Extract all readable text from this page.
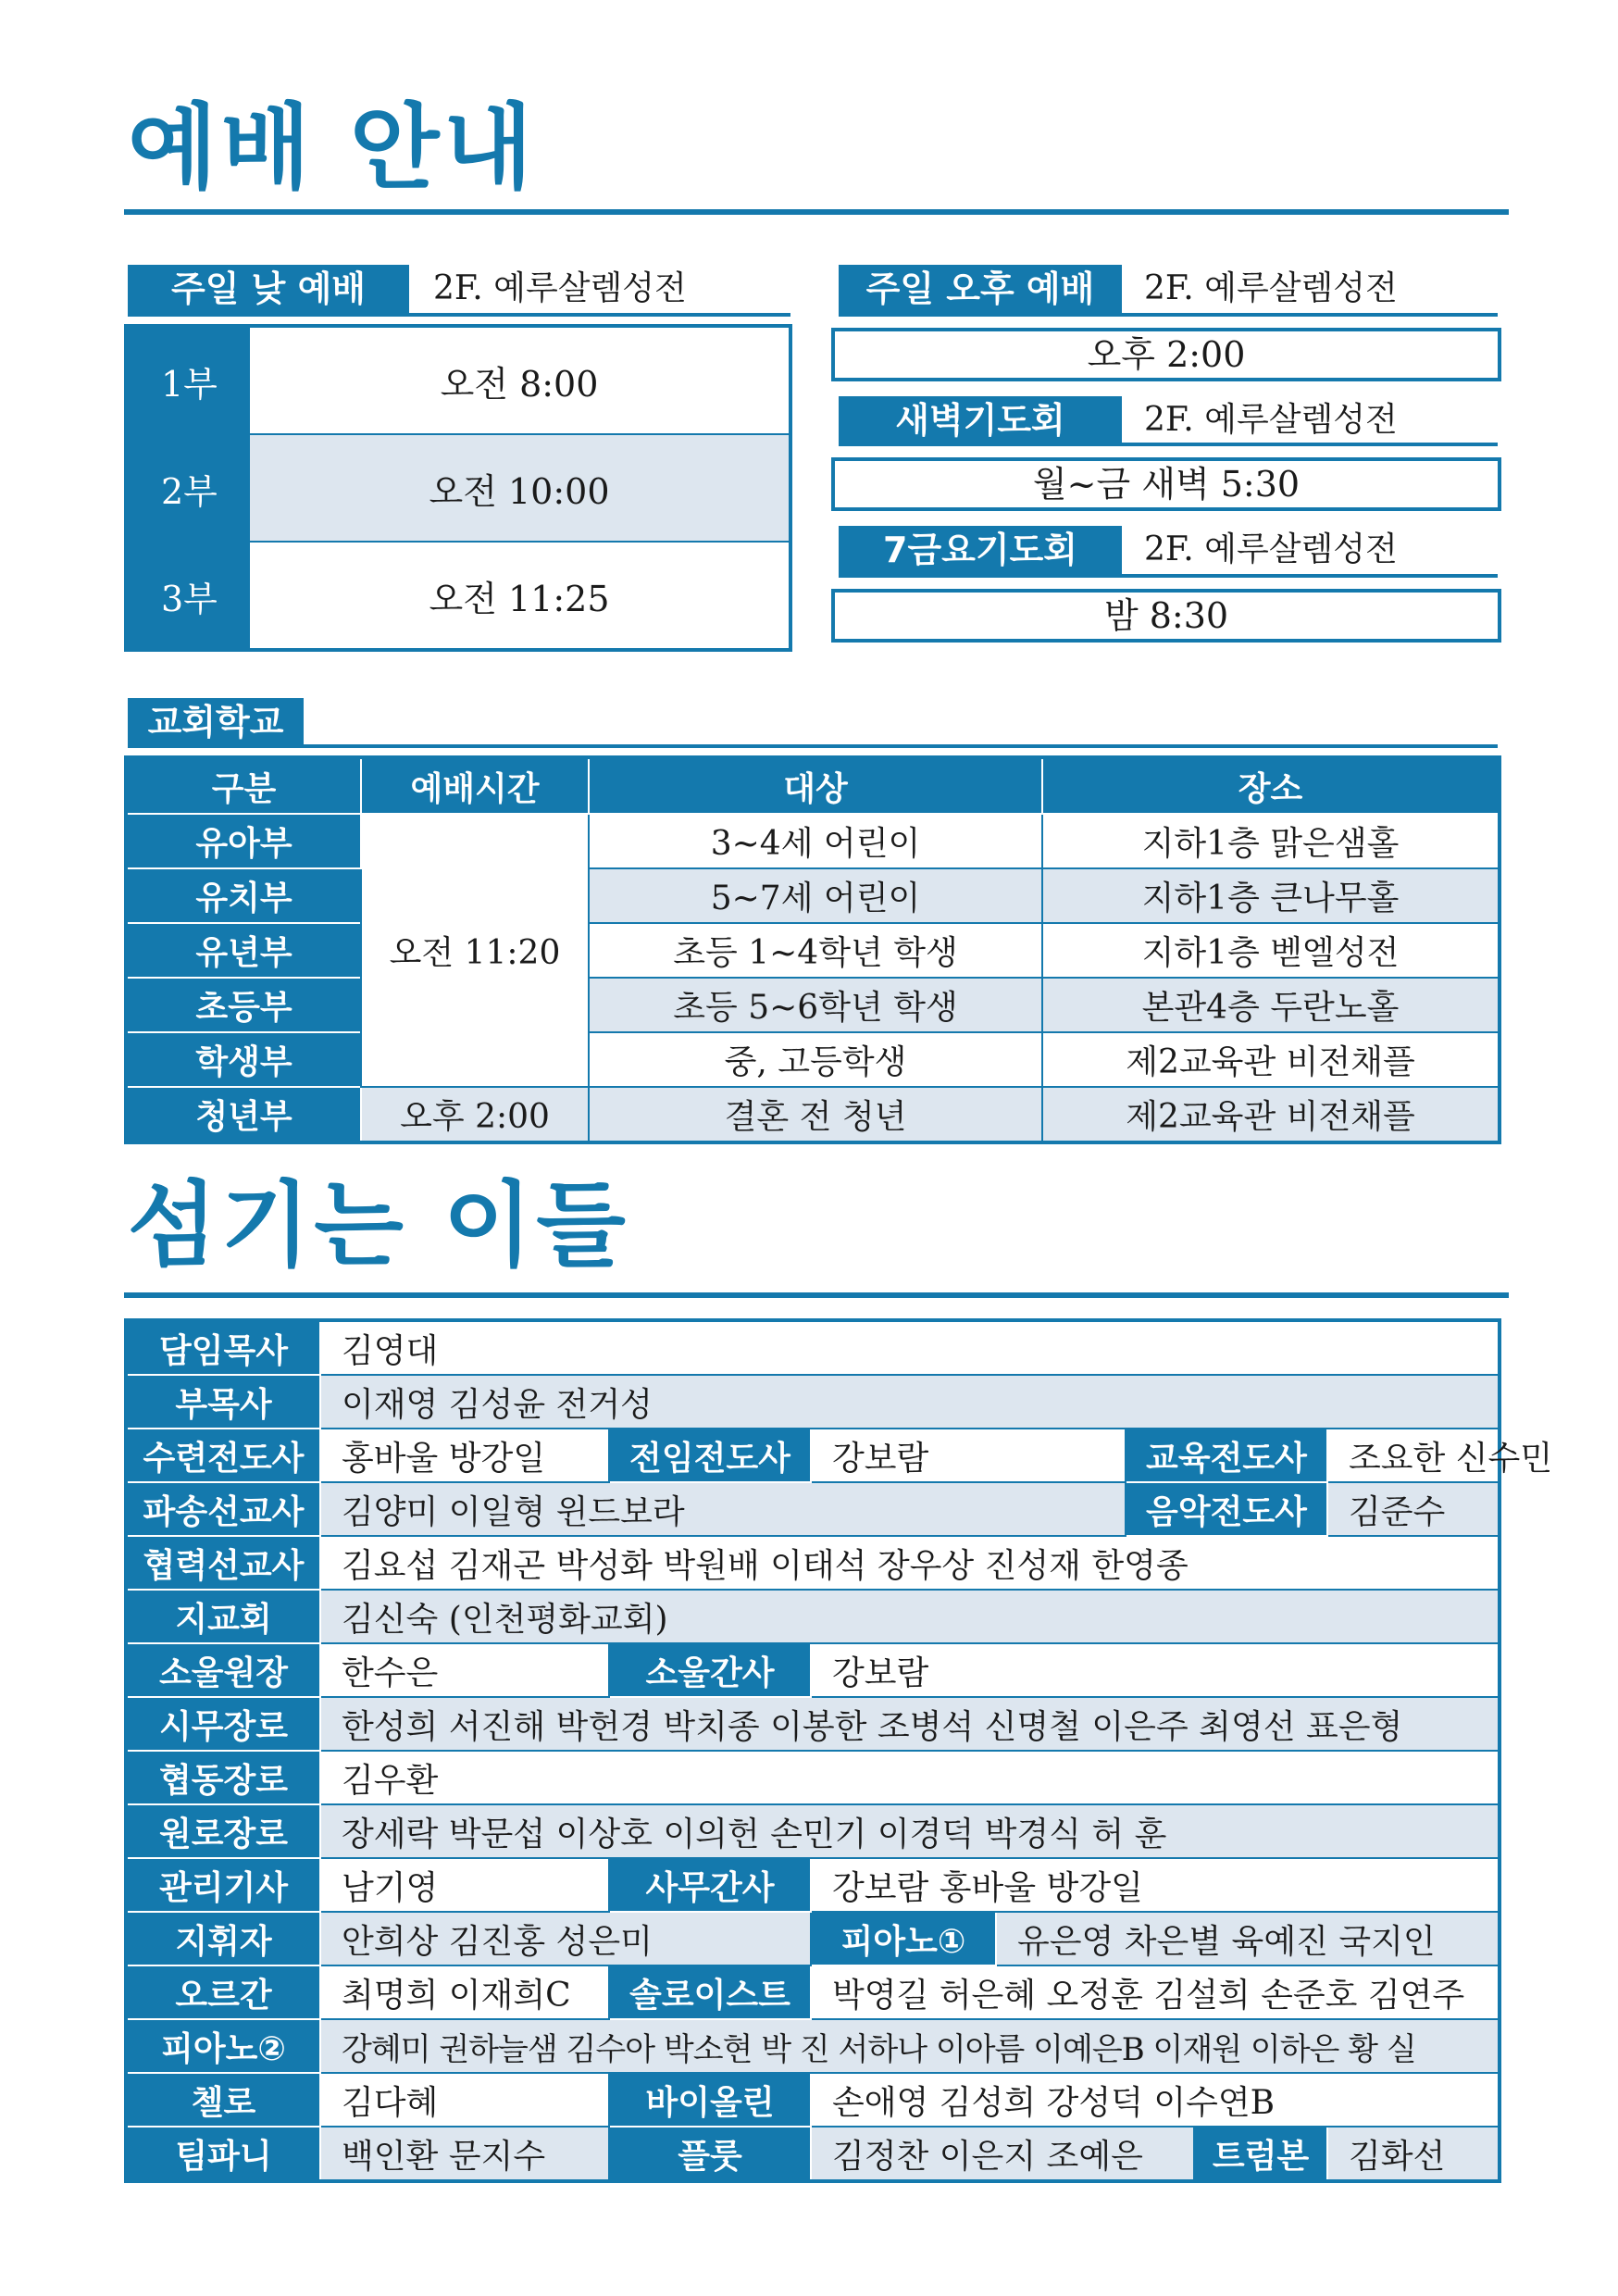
예배 안내
주일 낮 예배	2F. 예루살렘성전
1부	오전 8:00
2부	오전 10:00
3부	오전 11:25
주일 오후 예배	2F. 예루살렘성전
오후 2:00
새벽기도회	2F. 예루살렘성전
월~금 새벽 5:30
7금요기도회	2F. 예루살렘성전
밤 8:30
교회학교
구분	예배시간	대상	장소
유아부	오전 11:20	3~4세 어린이	지하1층 맑은샘홀
유치부		5~7세 어린이	지하1층 큰나무홀
유년부		초등 1~4학년 학생	지하1층 벧엘성전
초등부		초등 5~6학년 학생	본관4층 두란노홀
학생부		중, 고등학생	제2교육관 비전채플
청년부	오후 2:00	결혼 전 청년	제2교육관 비전채플
섬기는 이들
담임목사	김영대						
부목사	이재영 김성윤 전거성						
수련전도사	홍바울 방강일	전임전도사	강보람		교육전도사		조요한 신수민
파송선교사	김양미 이일형 윈드보라				음악전도사		김준수
협력선교사	김요섭 김재곤 박성화 박원배 이태석 장우상 진성재 한영종						
지교회	김신숙 (인천평화교회)						
소울원장	한수은	소울간사	강보람				
시무장로	한성희 서진해 박헌경 박치종 이봉한 조병석 신명철 이은주 최영선 표은형						
협동장로	김우환						
원로장로	장세락 박문섭 이상호 이의헌 손민기 이경덕 박경식 허 훈						
관리기사	남기영	사무간사	강보람 홍바울 방강일				
지휘자	안희상 김진홍 성은미		피아노①	유은영 차은별 육예진 국지인			
오르간	최명희 이재희C	솔로이스트	박영길 허은혜 오정훈 김설희 손준호 김연주				
피아노②	강혜미 권하늘샘 김수아 박소현 박 진 서하나 이아름 이예은B 이재원 이하은 황 실						
첼로	김다혜	바이올린	손애영 김성희 강성덕 이수연B				
팀파니	백인환 문지수	플룻	김정찬 이은지 조예은			트럼본	김화선
